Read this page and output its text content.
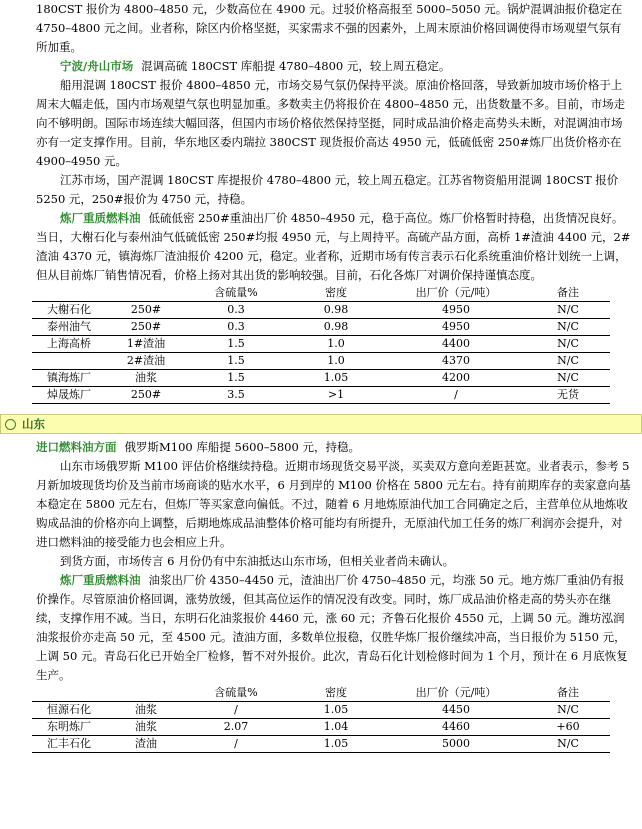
180CST 报价为 4800–4850 元，少数高位在 4900 元。过驳价格高报至 5000–5050 元。锅炉混调油报价稳定在 4750–4800 元之间。业者称，除区内价格坚挺，买家需求不强的因素外，上周末原油价格回调使得市场观望气氛有所加重。
宁波/舟山市场 混调高硫 180CST 库船提 4780–4800 元，较上周五稳定。
船用混调 180CST 报价 4800–4850 元，市场交易气氛仍保持平淡。原油价格回落，导致新加坡市场价格于上周末大幅走低，国内市场观望气氛也明显加重。多数卖主仍将报价在 4800–4850 元，出货数量不多。目前，市场走向不够明朗。国际市场连续大幅回落，但国内市场价格依然保持坚挺，同时成品油价格走高势头未断，对混调油市场亦有一定支撑作用。目前，华东地区委内瑞拉 380CST 现货报价高达 4950 元，低硫低密 250#炼厂出货价格亦在 4900–4950 元。
江苏市场，国产混调 180CST 库提报价 4780–4800 元，较上周五稳定。江苏省物资船用混调 180CST 报价 5250 元，250#报价为 4750 元，持稳。
炼厂重质燃料油 低硫低密 250#重油出厂价 4850–4950 元，稳于高位。炼厂价格暂时持稳，出货情况良好。当日，大榭石化与泰州油气低硫低密 250#均报 4950 元，与上周持平。高硫产品方面，高桥 1#渣油 4400 元，2#渣油 4370 元，镇海炼厂渣油报价 4200 元，稳定。业者称，近期市场有传言表示石化系统重油价格计划统一上调，但从目前炼厂销售情况看，价格上扬对其出货的影响较强。目前，石化各炼厂对调价保持谨慎态度。
		含硫量%	密度	出厂价（元/吨）	备注
大榭石化	250#	0.3	0.98	4950	N/C
泰州油气	250#	0.3	0.98	4950	N/C
上海高桥	1#渣油	1.5	1.0	4400	N/C
	2#渣油	1.5	1.0	4370	N/C
镇海炼厂	油浆	1.5	1.05	4200	N/C
焯晟炼厂	250#	3.5	>1	/	无货
山东
进口燃料油方面 俄罗斯M100 库船提 5600–5800 元，持稳。
山东市场俄罗斯 M100 评估价格继续持稳。近期市场现货交易平淡，买卖双方意向差距甚宽。业者表示，参考 5 月新加坡现货均价及当前市场商谈的贴水水平，6 月到岸的 M100 价格在 5800 元左右。持有前期库存的卖家意向基本稳定在 5800 元左右，但炼厂等买家意向偏低。不过，随着 6 月地炼原油代加工合同确定之后，主营单位从地炼收购成品油的价格亦向上调整，后期地炼成品油整体价格可能均有所提升，无原油代加工任务的炼厂利润亦会提升，对进口燃料油的接受能力也会相应上升。
到货方面，市场传言 6 月份仍有中东油抵达山东市场，但相关业者尚未确认。
炼厂重质燃料油 油浆出厂价 4350–4450 元，渣油出厂价 4750–4850 元，均涨 50 元。地方炼厂重油仍有报价操作。尽管原油价格回调，涨势放缓，但其高位运作的情况没有改变。同时，炼厂成品油价格走高的势头亦在继续，支撑作用不减。当日，东明石化油浆报价 4460 元，涨 60 元；齐鲁石化报价 4550 元，上调 50 元。潍坊泓润油浆报价亦走高 50 元，至 4500 元。渣油方面，多数单位报稳，仅胜华炼厂报价继续冲高，当日报价为 5150 元，上调 50 元。青岛石化已开始全厂检修，暂不对外报价。此次，青岛石化计划检修时间为 1 个月，预计在 6 月底恢复生产。
		含硫量%	密度	出厂价（元/吨）	备注
恒源石化	油浆	/	1.05	4450	N/C
东明炼厂	油浆	2.07	1.04	4460	+60
汇丰石化	渣油	/	1.05	5000	N/C
